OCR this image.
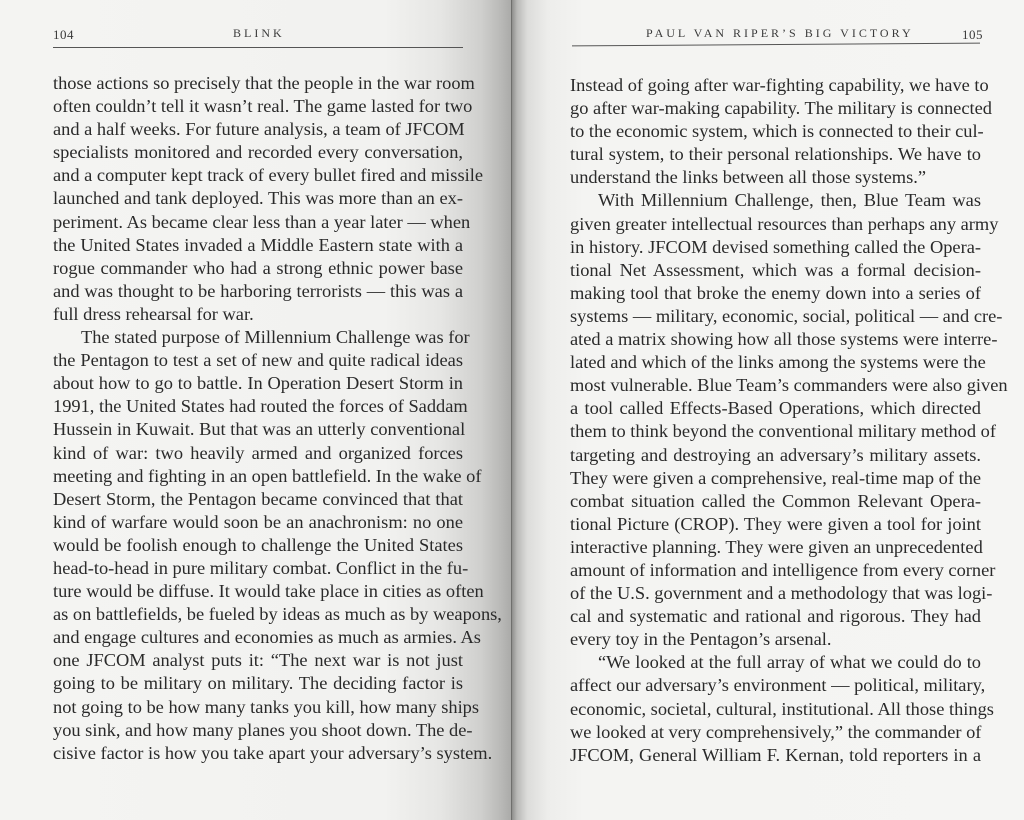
104	BLINK
those actions so precisely that the people in the war room
often couldn’t tell it wasn’t real. The game lasted for two
and a half weeks. For future analysis, a team of JFCOM
specialists monitored and recorded every conversation,
and a computer kept track of every bullet fired and missile
launched and tank deployed. This was more than an ex-
periment. As became clear less than a year later — when
the United States invaded a Middle Eastern state with a
rogue commander who had a strong ethnic power base
and was thought to be harboring terrorists — this was a
full dress rehearsal for war.
The stated purpose of Millennium Challenge was for
the Pentagon to test a set of new and quite radical ideas
about how to go to battle. In Operation Desert Storm in
1991, the United States had routed the forces of Saddam
Hussein in Kuwait. But that was an utterly conventional
kind of war: two heavily armed and organized forces
meeting and fighting in an open battlefield. In the wake of
Desert Storm, the Pentagon became convinced that that
kind of warfare would soon be an anachronism: no one
would be foolish enough to challenge the United States
head-to-head in pure military combat. Conflict in the fu-
ture would be diffuse. It would take place in cities as often
as on battlefields, be fueled by ideas as much as by weapons,
and engage cultures and economies as much as armies. As
one JFCOM analyst puts it: “The next war is not just
going to be military on military. The deciding factor is
not going to be how many tanks you kill, how many ships
you sink, and how many planes you shoot down. The de-
cisive factor is how you take apart your adversary’s system.
PAUL VAN RIPER’S BIG VICTORY	105
Instead of going after war-fighting capability, we have to
go after war-making capability. The military is connected
to the economic system, which is connected to their cul-
tural system, to their personal relationships. We have to
understand the links between all those systems.”
With Millennium Challenge, then, Blue Team was
given greater intellectual resources than perhaps any army
in history. JFCOM devised something called the Opera-
tional Net Assessment, which was a formal decision-
making tool that broke the enemy down into a series of
systems — military, economic, social, political — and cre-
ated a matrix showing how all those systems were interre-
lated and which of the links among the systems were the
most vulnerable. Blue Team’s commanders were also given
a tool called Effects-Based Operations, which directed
them to think beyond the conventional military method of
targeting and destroying an adversary’s military assets.
They were given a comprehensive, real-time map of the
combat situation called the Common Relevant Opera-
tional Picture (CROP). They were given a tool for joint
interactive planning. They were given an unprecedented
amount of information and intelligence from every corner
of the U.S. government and a methodology that was logi-
cal and systematic and rational and rigorous. They had
every toy in the Pentagon’s arsenal.
“We looked at the full array of what we could do to
affect our adversary’s environment — political, military,
economic, societal, cultural, institutional. All those things
we looked at very comprehensively,” the commander of
JFCOM, General William F. Kernan, told reporters in a
